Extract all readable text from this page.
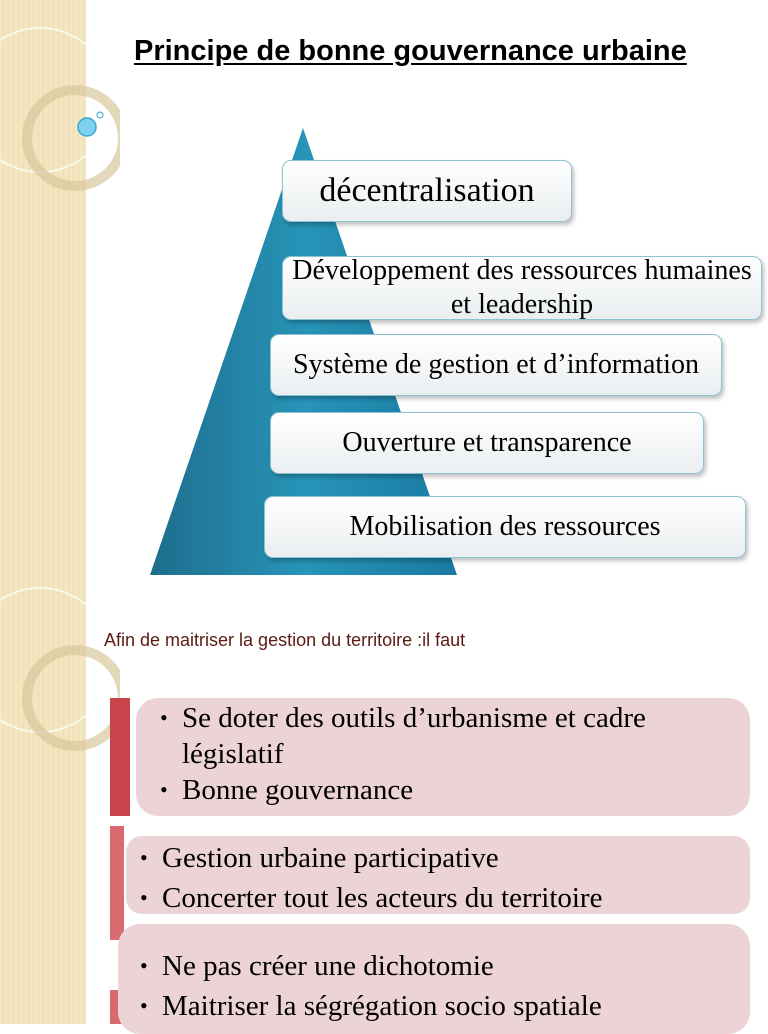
Principe de bonne gouvernance urbaine
décentralisation
Développement des ressources humaines et leadership
Système de gestion et d’information
Ouverture et transparence
Mobilisation des ressources
Afin de maitriser la gestion du territoire :il faut
• Se doter des outils d’urbanisme et cadre législatif
• Bonne gouvernance
• Gestion urbaine participative
• Concerter tout les acteurs du territoire
• Ne pas créer une dichotomie
• Maitriser la ségrégation socio spatiale
